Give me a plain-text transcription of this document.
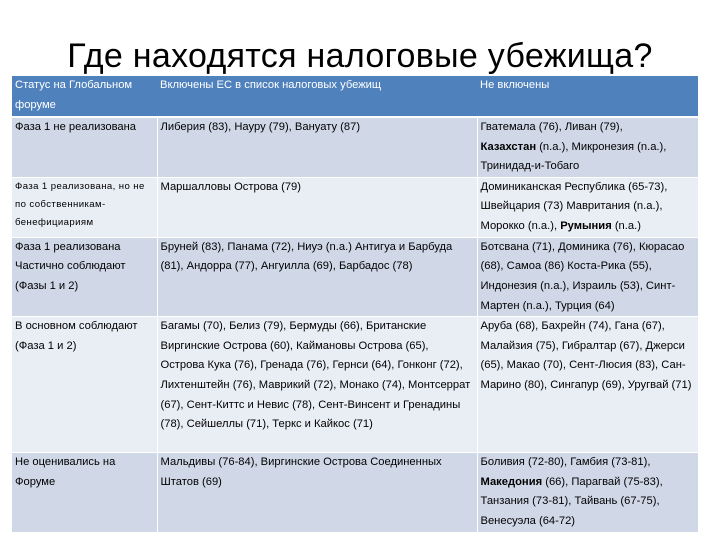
Где находятся налоговые убежища?
Статус на Глобальном форуме	Включены ЕС в список налоговых убежищ	Не включены
Фаза 1 не реализована	Либерия (83), Науру (79), Вануату (87)	Гватемала (76), Ливан (79),
Казахстан (n.a.), Микронезия (n.a.), Тринидад-и-Тобаго
Фаза 1 реализована, но не по собственникам-бенефициариям	Маршалловы Острова (79)	Доминиканская Республика (65-73), Швейцария (73) Мавритания (n.a.), Морокко (n.a.), Румыния (n.a.)
Фаза 1 реализована Частично соблюдают (Фазы 1 и 2)	Бруней (83), Панама (72), Ниуэ (n.a.) Антигуа и Барбуда (81), Андорра (77), Ангуилла (69), Барбадос (78)	Ботсвана (71), Доминика (76), Кюрасао (68), Самоа (86) Коста-Рика (55), Индонезия (n.a.), Израиль (53), Синт-Мартен (n.a.), Турция (64)
В основном соблюдают (Фаза 1 и 2)	Багамы (70), Белиз (79), Бермуды (66), Британские Виргинские Острова (60), Каймановы Острова (65), Острова Кука (76), Гренада (76), Гернси (64), Гонконг (72), Лихтенштейн (76), Маврикий (72), Монако (74), Монтсеррат (67), Сент-Киттс и Невис (78), Сент-Винсент и Гренадины (78), Сейшеллы (71), Теркс и Кайкос (71)	Аруба (68), Бахрейн (74), Гана (67), Малайзия (75), Гибралтар (67), Джерси (65), Макао (70), Сент-Люсия (83), Сан-Марино (80), Сингапур (69), Уругвай (71)
Не оценивались на Форуме	Мальдивы (76-84), Виргинские Острова Соединенных Штатов (69)	Боливия (72-80), Гамбия (73-81), Македония (66), Парагвай (75-83), Танзания (73-81), Тайвань (67-75), Венесуэла (64-72)
